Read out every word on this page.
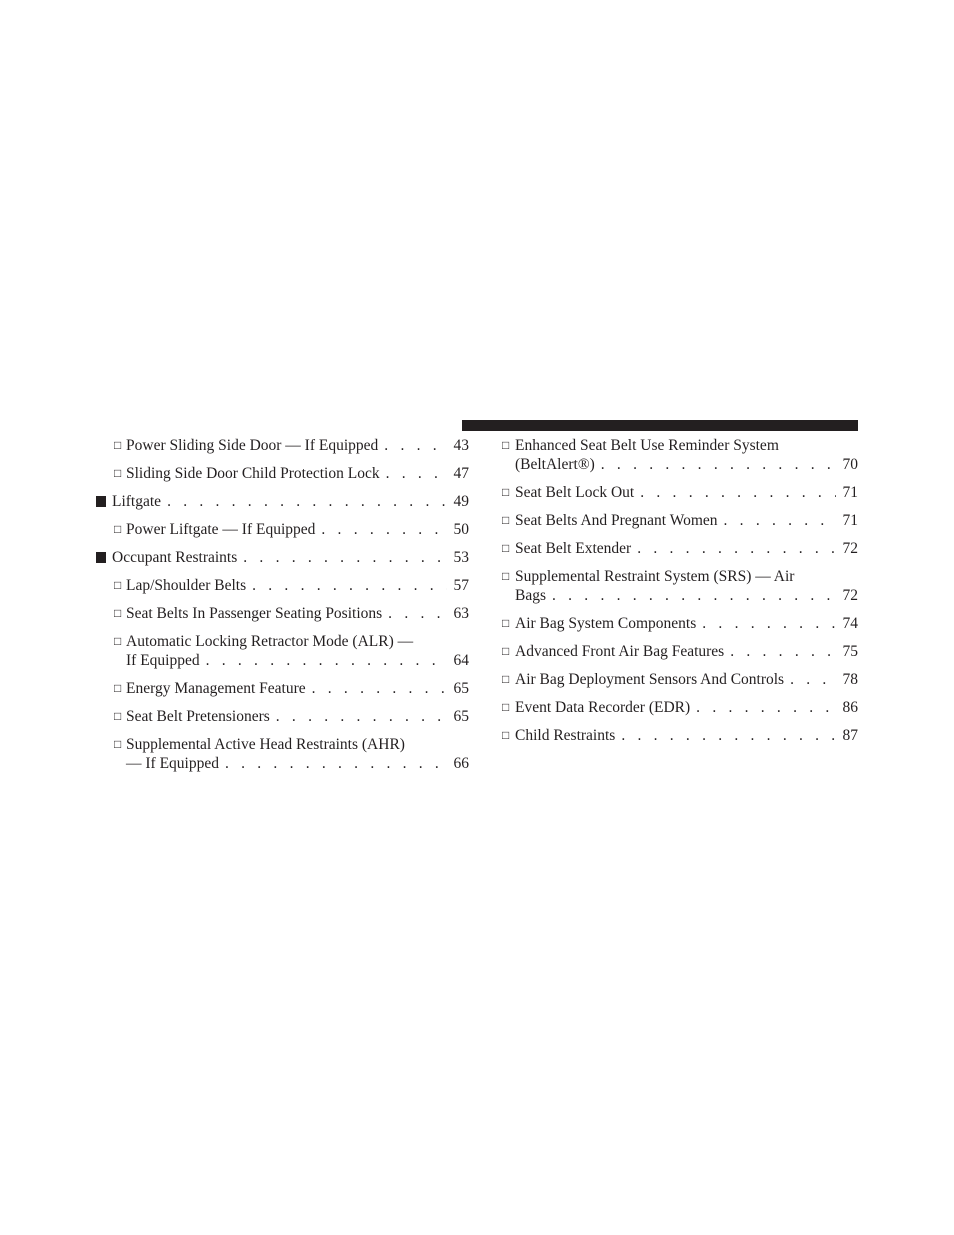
□ Power Sliding Side Door — If Equipped . . .	43
□ Sliding Side Door Child Protection Lock . . .	47
Liftgate . . .	49
□ Power Liftgate — If Equipped . . .	50
Occupant Restraints . . .	53
□ Lap/Shoulder Belts . . .	57
□ Seat Belts In Passenger Seating Positions . . .	63
□ Automatic Locking Retractor Mode (ALR) —
If Equipped . . .	64
□ Energy Management Feature . . .	65
□ Seat Belt Pretensioners . . .	65
□ Supplemental Active Head Restraints (AHR)
— If Equipped . . .	66
□ Enhanced Seat Belt Use Reminder System
(BeltAlert®) . . .	70
□ Seat Belt Lock Out . . .	71
□ Seat Belts And Pregnant Women . . .	71
□ Seat Belt Extender . . .	72
□ Supplemental Restraint System (SRS) — Air
Bags . . .	72
□ Air Bag System Components . . .	74
□ Advanced Front Air Bag Features . . .	75
□ Air Bag Deployment Sensors And Controls . . .	78
□ Event Data Recorder (EDR) . . .	86
□ Child Restraints . . .	87
